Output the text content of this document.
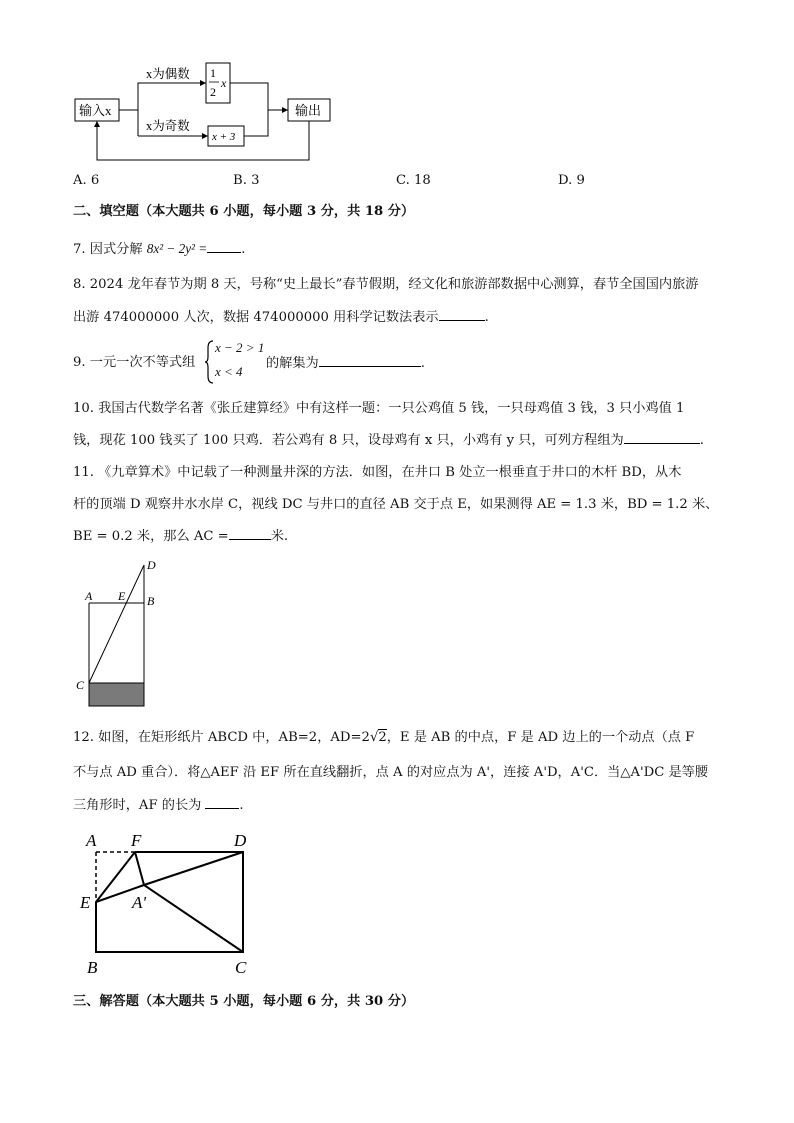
输入x	输出
x为偶数
x为奇数
1
2
x
x + 3
A. 6	B. 3	C. 18	D. 9
二、填空题（本大题共 6 小题，每小题 3 分，共 18 分）
7. 因式分解 8x² − 2y² =	.
8. 2024 龙年春节为期 8 天，号称“史上最长”春节假期，经文化和旅游部数据中心测算，春节全国国内旅游
出游 474000000 人次，数据 474000000 用科学记数法表示	.
9. 一元一次不等式组
x − 2 > 1
x < 4
的解集为	.
10. 我国古代数学名著《张丘建算经》中有这样一题：一只公鸡值 5 钱，一只母鸡值 3 钱，3 只小鸡值 1
钱，现花 100 钱买了 100 只鸡．若公鸡有 8 只，设母鸡有 x 只，小鸡有 y 只，可列方程组为	.
11. 《九章算术》中记载了一种测量井深的方法．如图，在井口 B 处立一根垂直于井口的木杆 BD，从木
杆的顶端 D 观察井水水岸 C，视线 DC 与井口的直径 AB 交于点 E，如果测得 AE = 1.3 米，BD = 1.2 米、
BE = 0.2 米，那么 AC =	米.
A E B
D
C
12. 如图，在矩形纸片 ABCD 中，AB=2，AD=2√2，E 是 AB 的中点，F 是 AD 边上的一个动点（点 F
不与点 AD 重合）．将△AEF 沿 EF 所在直线翻折，点 A 的对应点为 A'，连接 A'D，A'C．当△A'DC 是等腰
三角形时，AF 的长为	.
A F	D
E A'
B	C
三、解答题（本大题共 5 小题，每小题 6 分，共 30 分）
